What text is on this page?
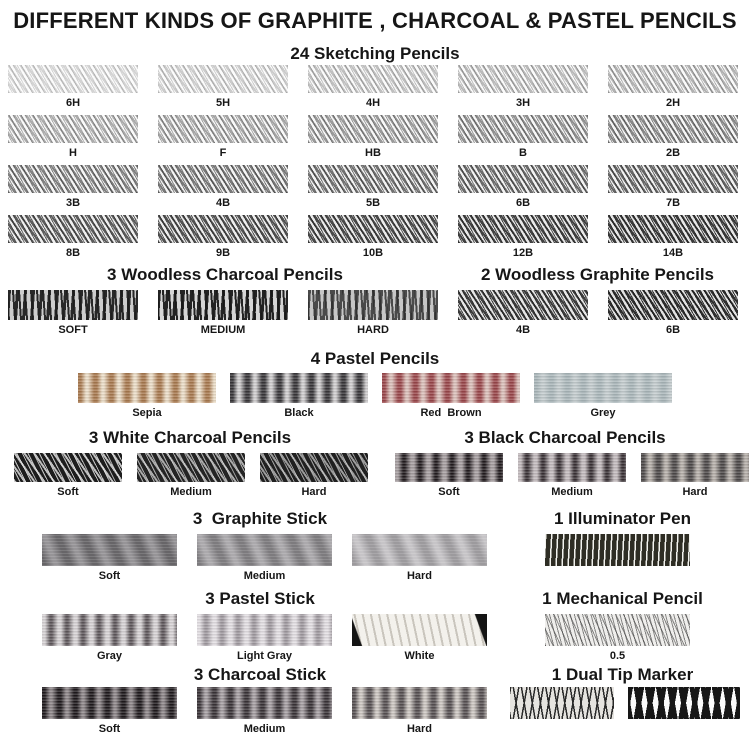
DIFFERENT KINDS OF GRAPHITE , CHARCOAL & PASTEL PENCILS
24 Sketching Pencils
6H	5H	4H	3H	2H
H	F	HB	B	2B
3B	4B	5B	6B	7B
8B	9B	10B	12B	14B
3 Woodless Charcoal Pencils	2 Woodless Graphite Pencils
SOFT	MEDIUM	HARD	4B	6B
4 Pastel Pencils
Sepia	Black	Red  Brown	Grey
3 White Charcoal Pencils	3 Black Charcoal Pencils
Soft	Medium	Hard	Soft	Medium	Hard
3  Graphite Stick	1 Illuminator Pen
Soft	Medium	Hard
3 Pastel Stick	1 Mechanical Pencil
Gray	Light Gray	White	0.5
3 Charcoal Stick	1 Dual Tip Marker
Soft	Medium	Hard
